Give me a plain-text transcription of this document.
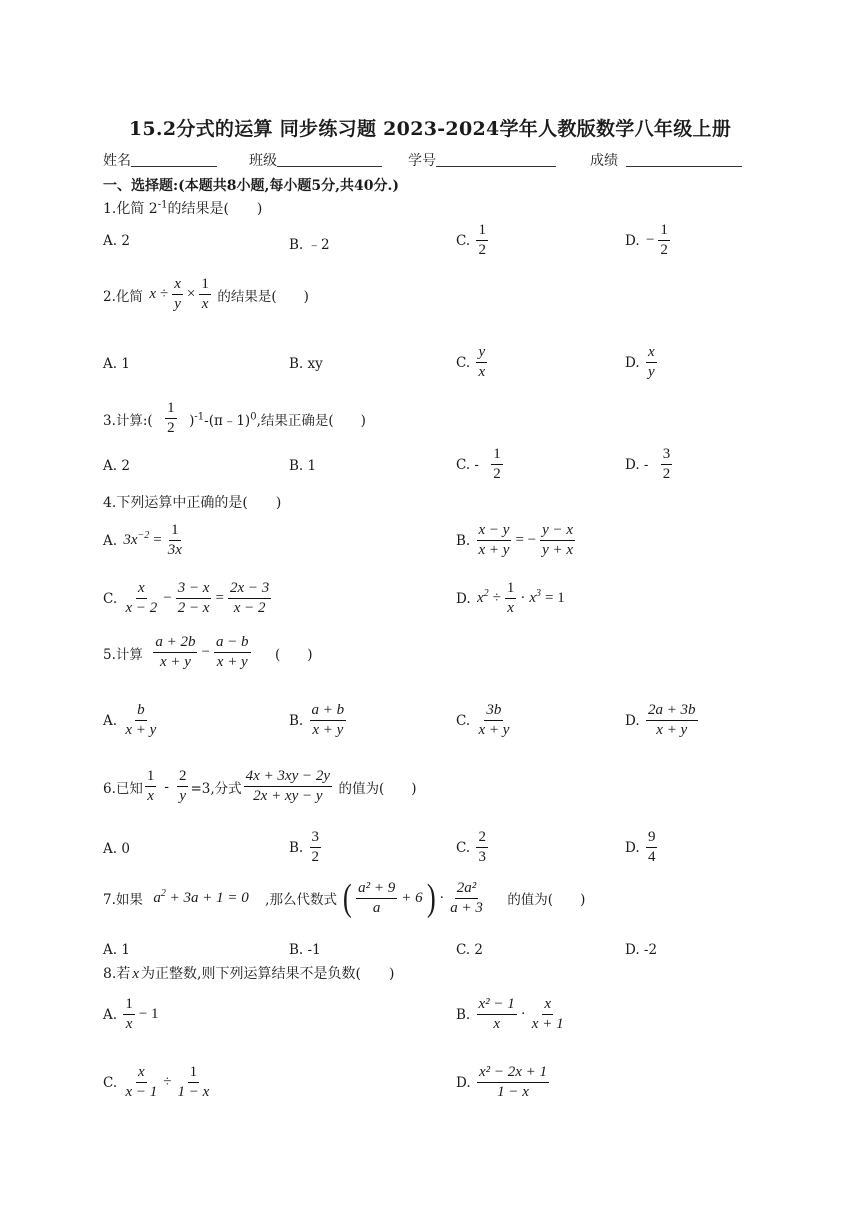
15.2分式的运算 同步练习题 2023-2024学年人教版数学八年级上册
姓名	班级	学号	成绩
一、选择题:(本题共8小题,每小题5分,共40分.)
1.化简 $2^{-1}$的结果是(　　)
A. 2	B. ﹣2	C. $\frac{1}{2}$	D. − $\frac{1}{2}$
2.化简 $x \div \frac{x}{y} \times \frac{1}{x}$ 的结果是(　　)
A. 1	B. xy	C. $\frac{y}{x}$	D. $\frac{x}{y}$
3.计算:( $\frac{1}{2}$ )$^{-1}$-(π﹣1)$^0$,结果正确是(　　)
A. 2	B. 1	C. - $\frac{1}{2}$	D. - $\frac{3}{2}$
4.下列运算中正确的是(　　)
A. $3x^{-2} = \frac{1}{3x}$	B. $\frac{x - y}{x + y}$ = − $\frac{y - x}{y + x}$
C. $\frac{x}{x - 2} - \frac{3 - x}{2 - x} = \frac{2x - 3}{x - 2}$	D. $x^2 \div \frac{1}{x} \cdot x^3 = 1$
5.计算 $\frac{a + 2b}{x + y} - \frac{a - b}{x + y}$ (　　)
A. $\frac{b}{x + y}$	B. $\frac{a + b}{x + y}$	C. $\frac{3b}{x + y}$	D. $\frac{2a + 3b}{x + y}$
6.已知 $\frac{1}{x} - \frac{2}{y} =3$,分式 $\frac{4x + 3xy - 2y}{2x + xy - y}$ 的值为(　　)
A. 0	B. $\frac{3}{2}$	C. $\frac{2}{3}$	D. $\frac{9}{4}$
7.如果 $a^2 + 3a + 1 = 0$ ,那么代数式 ( $\frac{\text{a² + 9}}{a} + 6$ ) · $\frac{\text{2a²}}{a + 3}$ 的值为(　　)
A. 1	B. -1	C. 2	D. -2
8.若 x 为正整数,则下列运算结果不是负数(　　)
A. $\frac{1}{x} - 1$	B. $\frac{\text{x² − 1}}{x} \cdot \frac{x}{x + 1}$
C. $\frac{x}{x - 1} \div \frac{1}{1 - x}$	D. $\frac{\text{x² − 2x + 1}}{1 - x}$
